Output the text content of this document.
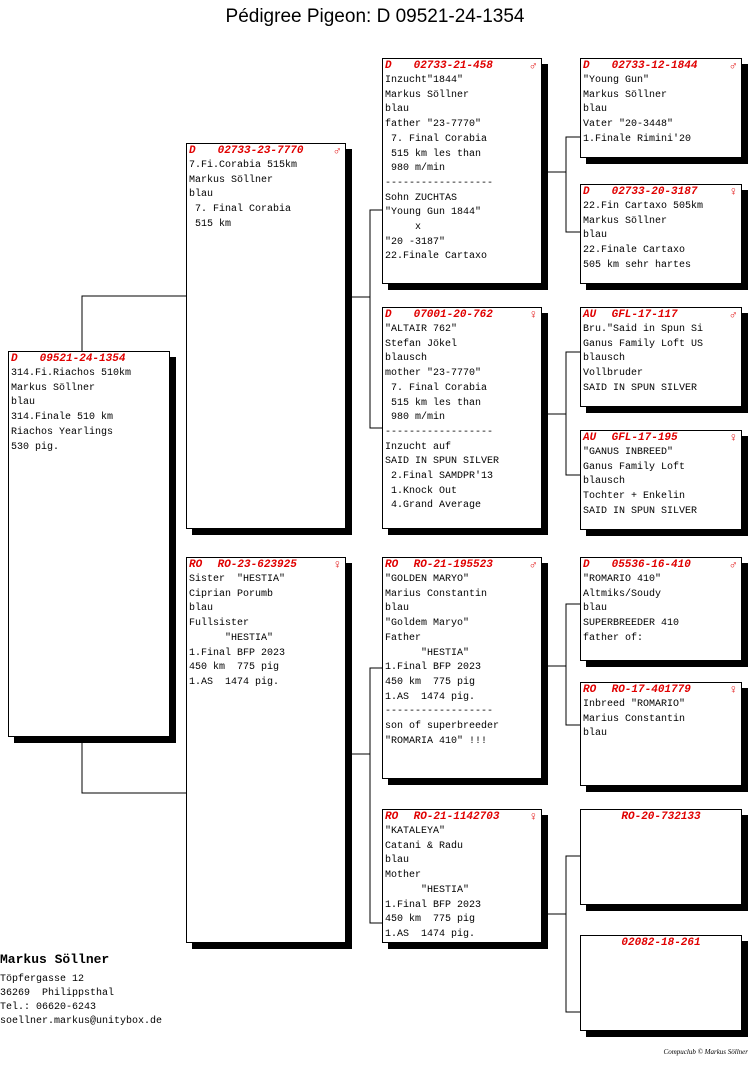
Pédigree Pigeon: D 09521-24-1354
D 09521-24-1354
314.Fi.Riachos 510km
Markus Söllner
blau
314.Finale 510 km
Riachos Yearlings
530 pig.
D 02733-23-7770	♂
7.Fi.Corabia 515km
Markus Söllner
blau
7. Final Corabia
515 km
RO RO-23-623925	♀
Sister  "HESTIA"
Ciprian Porumb
blau
Fullsister
"HESTIA"
1.Final BFP 2023
450 km  775 pig
1.AS  1474 pig.
D 02733-21-458	♂
Inzucht"1844"
Markus Söllner
blau
father "23-7770"
7. Final Corabia
515 km les than
980 m/min
------------------
Sohn ZUCHTAS
"Young Gun 1844"
x
"20 -3187"
22.Finale Cartaxo
D 07001-20-762	♀
"ALTAIR 762"
Stefan Jökel
blausch
mother "23-7770"
7. Final Corabia
515 km les than
980 m/min
------------------
Inzucht auf
SAID IN SPUN SILVER
2.Final SAMDPR'13
1.Knock Out
4.Grand Average
RO RO-21-195523	♂
"GOLDEN MARYO"
Marius Constantin
blau
"Goldem Maryo"
Father
"HESTIA"
1.Final BFP 2023
450 km  775 pig
1.AS  1474 pig.
------------------
son of superbreeder
"ROMARIA 410" !!!
RO RO-21-1142703	♀
"KATALEYA"
Catani & Radu
blau
Mother
"HESTIA"
1.Final BFP 2023
450 km  775 pig
1.AS  1474 pig.
D 02733-12-1844	♂
"Young Gun"
Markus Söllner
blau
Vater "20-3448"
1.Finale Rimini'20
D 02733-20-3187	♀
22.Fin Cartaxo 505km
Markus Söllner
blau
22.Finale Cartaxo
505 km sehr hartes
AU GFL-17-117	♂
Bru."Said in Spun Si
Ganus Family Loft US
blausch
Vollbruder
SAID IN SPUN SILVER
AU GFL-17-195	♀
"GANUS INBREED"
Ganus Family Loft
blausch
Tochter + Enkelin
SAID IN SPUN SILVER
D 05536-16-410	♂
"ROMARIO 410"
Altmiks/Soudy
blau
SUPERBREEDER 410
father of:
RO RO-17-401779	♀
Inbreed "ROMARIO"
Marius Constantin
blau
RO-20-732133
02082-18-261
Markus Söllner
Töpfergasse 12
36269  Philippsthal
Tel.: 06620-6243
soellner.markus@unitybox.de
Compuclub © Markus Söllner
